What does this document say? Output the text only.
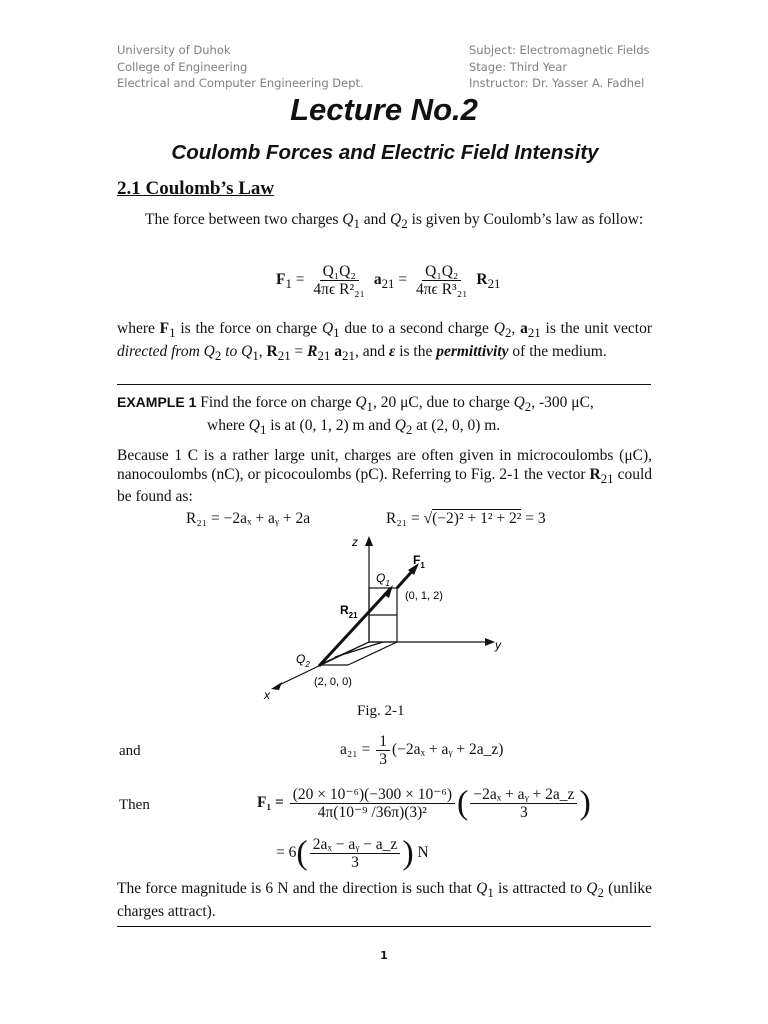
University of Duhok
College of Engineering
Electrical and Computer Engineering Dept.
Subject: Electromagnetic Fields
Stage: Third Year
Instructor: Dr. Yasser A. Fadhel
Lecture No.2
Coulomb Forces and Electric Field Intensity
2.1 Coulomb’s Law
The force between two charges $Q_1$ and $Q_2$ is given by Coulomb’s law as follow:
$F_1 = \frac{\text{Q₁Q₂}}{\text{4πϵ R²₂₁}} a_{21} = \frac{\text{Q₁Q₂}}{\text{4πϵ R³₂₁}} R_{21}$
where $F_1$ is the force on charge $Q_1$ due to a second charge $Q_2$, $a_{21}$ is the unit vector directed from $Q_2$ to $Q_1$, $R_{21} = R_{21}$ $a_{21}$, and ε is the permittivity of the medium.
EXAMPLE 1 Find the force on charge $Q_1$, 20 μC, due to charge $Q_2$, -300 μC,
where $Q_1$ is at (0, 1, 2) m and $Q_2$ at (2, 0, 0) m.
Because 1 C is a rather large unit, charges are often given in microcoulombs (μC), nanocoulombs (nC), or picocoulombs (pC). Referring to Fig. 2-1 the vector $R_{21}$ could be found as:
R₂₁ = −2aₓ + aᵧ + 2a	R₂₁ = √(−2)² + 1² + 2² = 3
z
y
x
$F_1$
$Q_1$
(0, 1, 2)
$R_{21}$
$Q_2$
(2, 0, 0)
Fig. 2-1
and	$a_{21} = \frac{1}{3} (-2a_x$ + aᵧ + 2a_z)
Then	$F_1 = \frac{\text{(20 × 10⁻⁶)(−300 × 10⁻⁶)}}{\text{4π(10⁻⁹ /36π)(3)²}}$ ( $\frac{\text{−2aₓ + aᵧ + 2a\_z}}{3}$ )
= $6( \frac{\text{2aₓ − aᵧ − a\_z}}{3}$ ) N
The force magnitude is 6 N and the direction is such that $Q_1$ is attracted to $Q_2$ (unlike charges attract).
1
